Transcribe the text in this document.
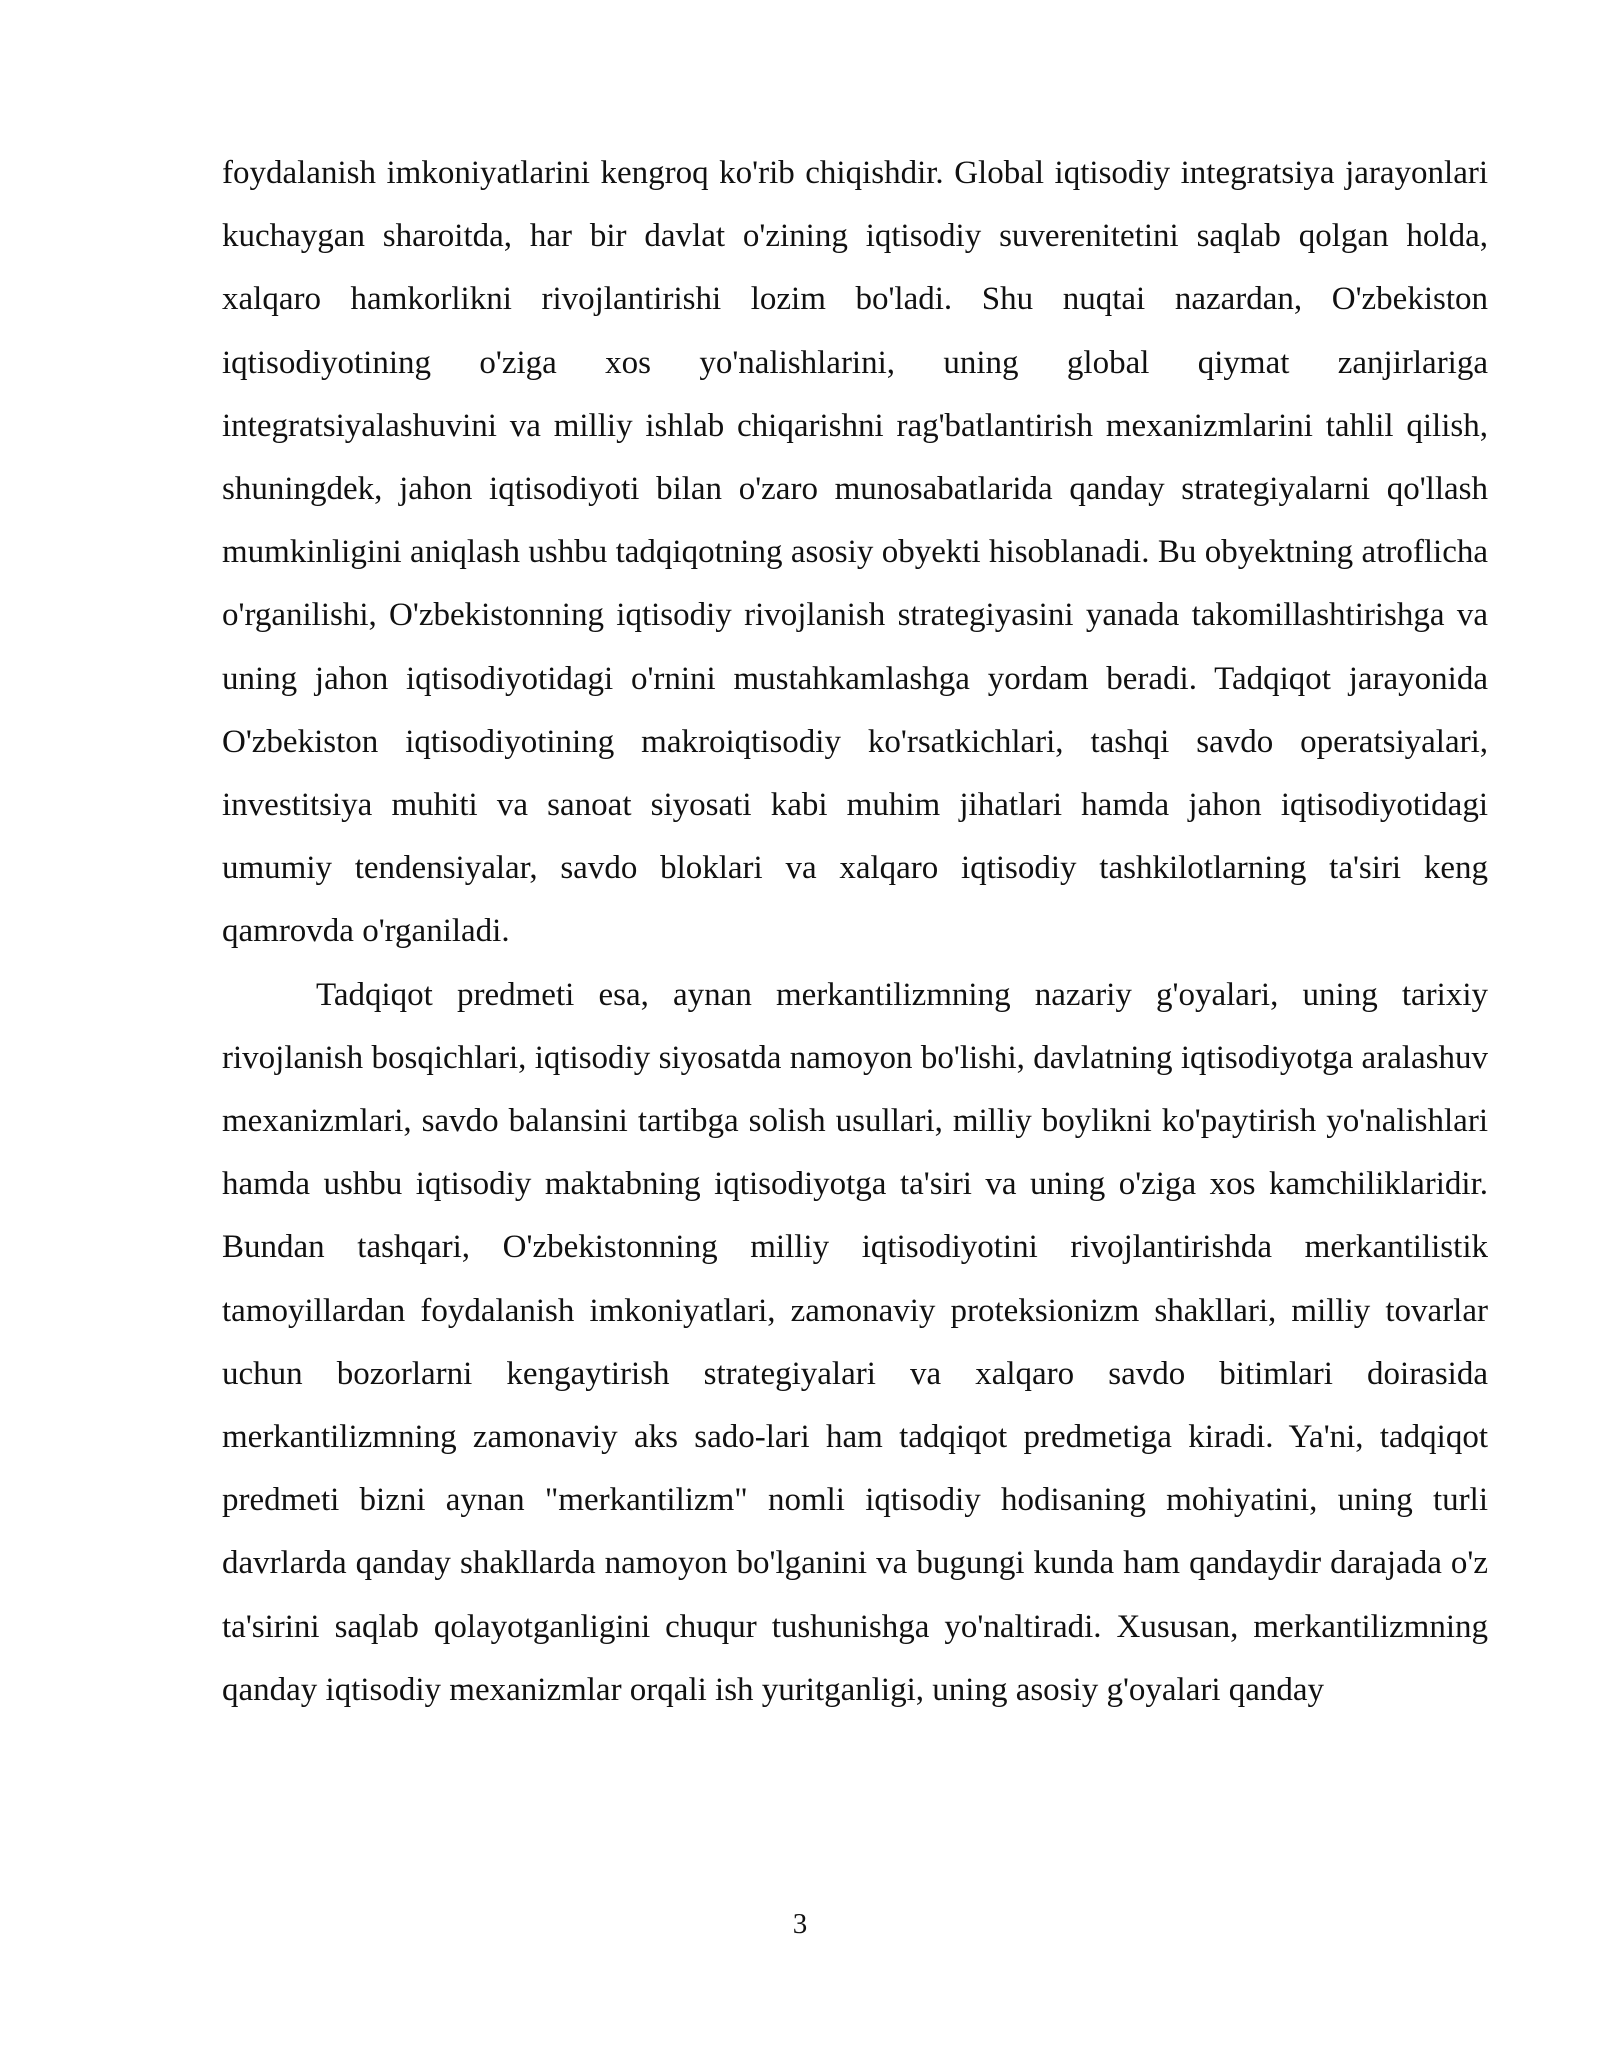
foydalanish imkoniyatlarini kengroq ko'rib chiqishdir. Global iqtisodiy integratsiya jarayonlari kuchaygan sharoitda, har bir davlat o'zining iqtisodiy suverenitetini saqlab qolgan holda, xalqaro hamkorlikni rivojlantirishi lozim bo'ladi. Shu nuqtai nazardan, O'zbekiston iqtisodiyotining o'ziga xos yo'nalishlarini, uning global qiymat zanjirlariga integratsiyalashuvini va milliy ishlab chiqarishni rag'batlantirish mexanizmlarini tahlil qilish, shuningdek, jahon iqtisodiyoti bilan o'zaro munosabatlarida qanday strategiyalarni qo'llash mumkinligini aniqlash ushbu tadqiqotning asosiy obyekti hisoblanadi. Bu obyektning atroflicha o'rganilishi, O'zbekistonning iqtisodiy rivojlanish strategiyasini yanada takomillashtirishga va uning jahon iqtisodiyotidagi o'rnini mustahkamlashga yordam beradi. Tadqiqot jarayonida O'zbekiston iqtisodiyotining makroiqtisodiy ko'rsatkichlari, tashqi savdo operatsiyalari, investitsiya muhiti va sanoat siyosati kabi muhim jihatlari hamda jahon iqtisodiyotidagi umumiy tendensiyalar, savdo bloklari va xalqaro iqtisodiy tashkilotlarning ta'siri keng qamrovda o'rganiladi.

Tadqiqot predmeti esa, aynan merkantilizmning nazariy g'oyalari, uning tarixiy rivojlanish bosqichlari, iqtisodiy siyosatda namoyon bo'lishi, davlatning iqtisodiyotga aralashuv mexanizmlari, savdo balansini tartibga solish usullari, milliy boylikni ko'paytirish yo'nalishlari hamda ushbu iqtisodiy maktabning iqtisodiyotga ta'siri va uning o'ziga xos kamchiliklaridir. Bundan tashqari, O'zbekistonning milliy iqtisodiyotini rivojlantirishda merkantilistik tamoyillardan foydalanish imkoniyatlari, zamonaviy proteksionizm shakllari, milliy tovarlar uchun bozorlarni kengaytirish strategiyalari va xalqaro savdo bitimlari doirasida merkantilizmning zamonaviy aks sado-lari ham tadqiqot predmetiga kiradi. Ya'ni, tadqiqot predmeti bizni aynan "merkantilizm" nomli iqtisodiy hodisaning mohiyatini, uning turli davrlarda qanday shakllarda namoyon bo'lganini va bugungi kunda ham qandaydir darajada o'z ta'sirini saqlab qolayotganligini chuqur tushunishga yo'naltiradi. Xususan, merkantilizmning qanday iqtisodiy mexanizmlar orqali ish yuritganligi, uning asosiy g'oyalari qanday

3
